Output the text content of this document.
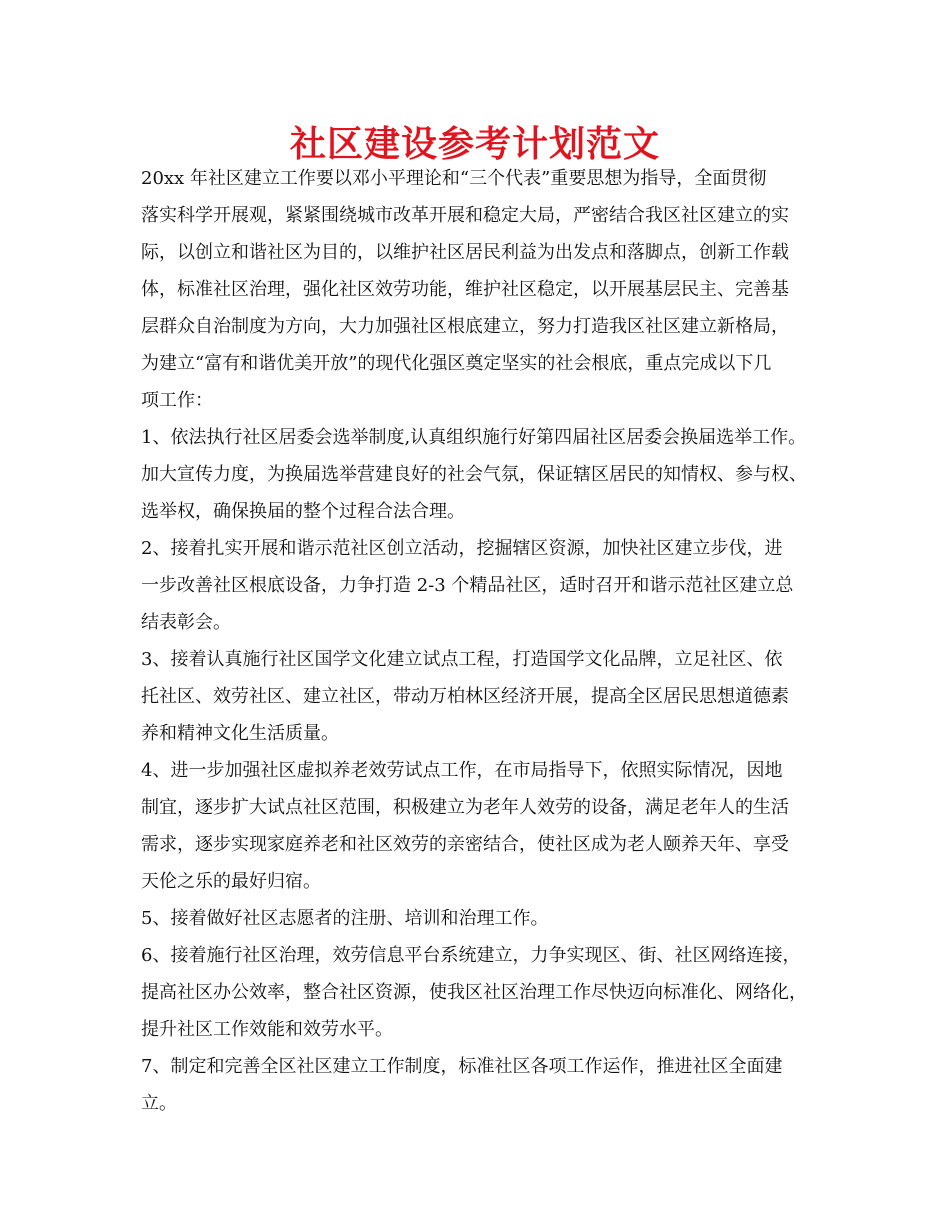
社区建设参考计划范文
20xx 年社区建立工作要以邓小平理论和“三个代表”重要思想为指导，全面贯彻
落实科学开展观，紧紧围绕城市改革开展和稳定大局，严密结合我区社区建立的实
际，以创立和谐社区为目的，以维护社区居民利益为出发点和落脚点，创新工作载
体，标准社区治理，强化社区效劳功能，维护社区稳定，以开展基层民主、完善基
层群众自治制度为方向，大力加强社区根底建立，努力打造我区社区建立新格局，
为建立“富有和谐优美开放”的现代化强区奠定坚实的社会根底，重点完成以下几
项工作：
1、依法执行社区居委会选举制度,认真组织施行好第四届社区居委会换届选举工作。
加大宣传力度，为换届选举营建良好的社会气氛，保证辖区居民的知情权、参与权、
选举权，确保换届的整个过程合法合理。
2、接着扎实开展和谐示范社区创立活动，挖掘辖区资源，加快社区建立步伐，进
一步改善社区根底设备，力争打造 2-3 个精品社区，适时召开和谐示范社区建立总
结表彰会。
3、接着认真施行社区国学文化建立试点工程，打造国学文化品牌，立足社区、依
托社区、效劳社区、建立社区，带动万柏林区经济开展，提高全区居民思想道德素
养和精神文化生活质量。
4、进一步加强社区虚拟养老效劳试点工作，在市局指导下，依照实际情况，因地
制宜，逐步扩大试点社区范围，积极建立为老年人效劳的设备，满足老年人的生活
需求，逐步实现家庭养老和社区效劳的亲密结合，使社区成为老人颐养天年、享受
天伦之乐的最好归宿。
5、接着做好社区志愿者的注册、培训和治理工作。
6、接着施行社区治理，效劳信息平台系统建立，力争实现区、街、社区网络连接，
提高社区办公效率，整合社区资源，使我区社区治理工作尽快迈向标准化、网络化，
提升社区工作效能和效劳水平。
7、制定和完善全区社区建立工作制度，标准社区各项工作运作，推进社区全面建
立。
